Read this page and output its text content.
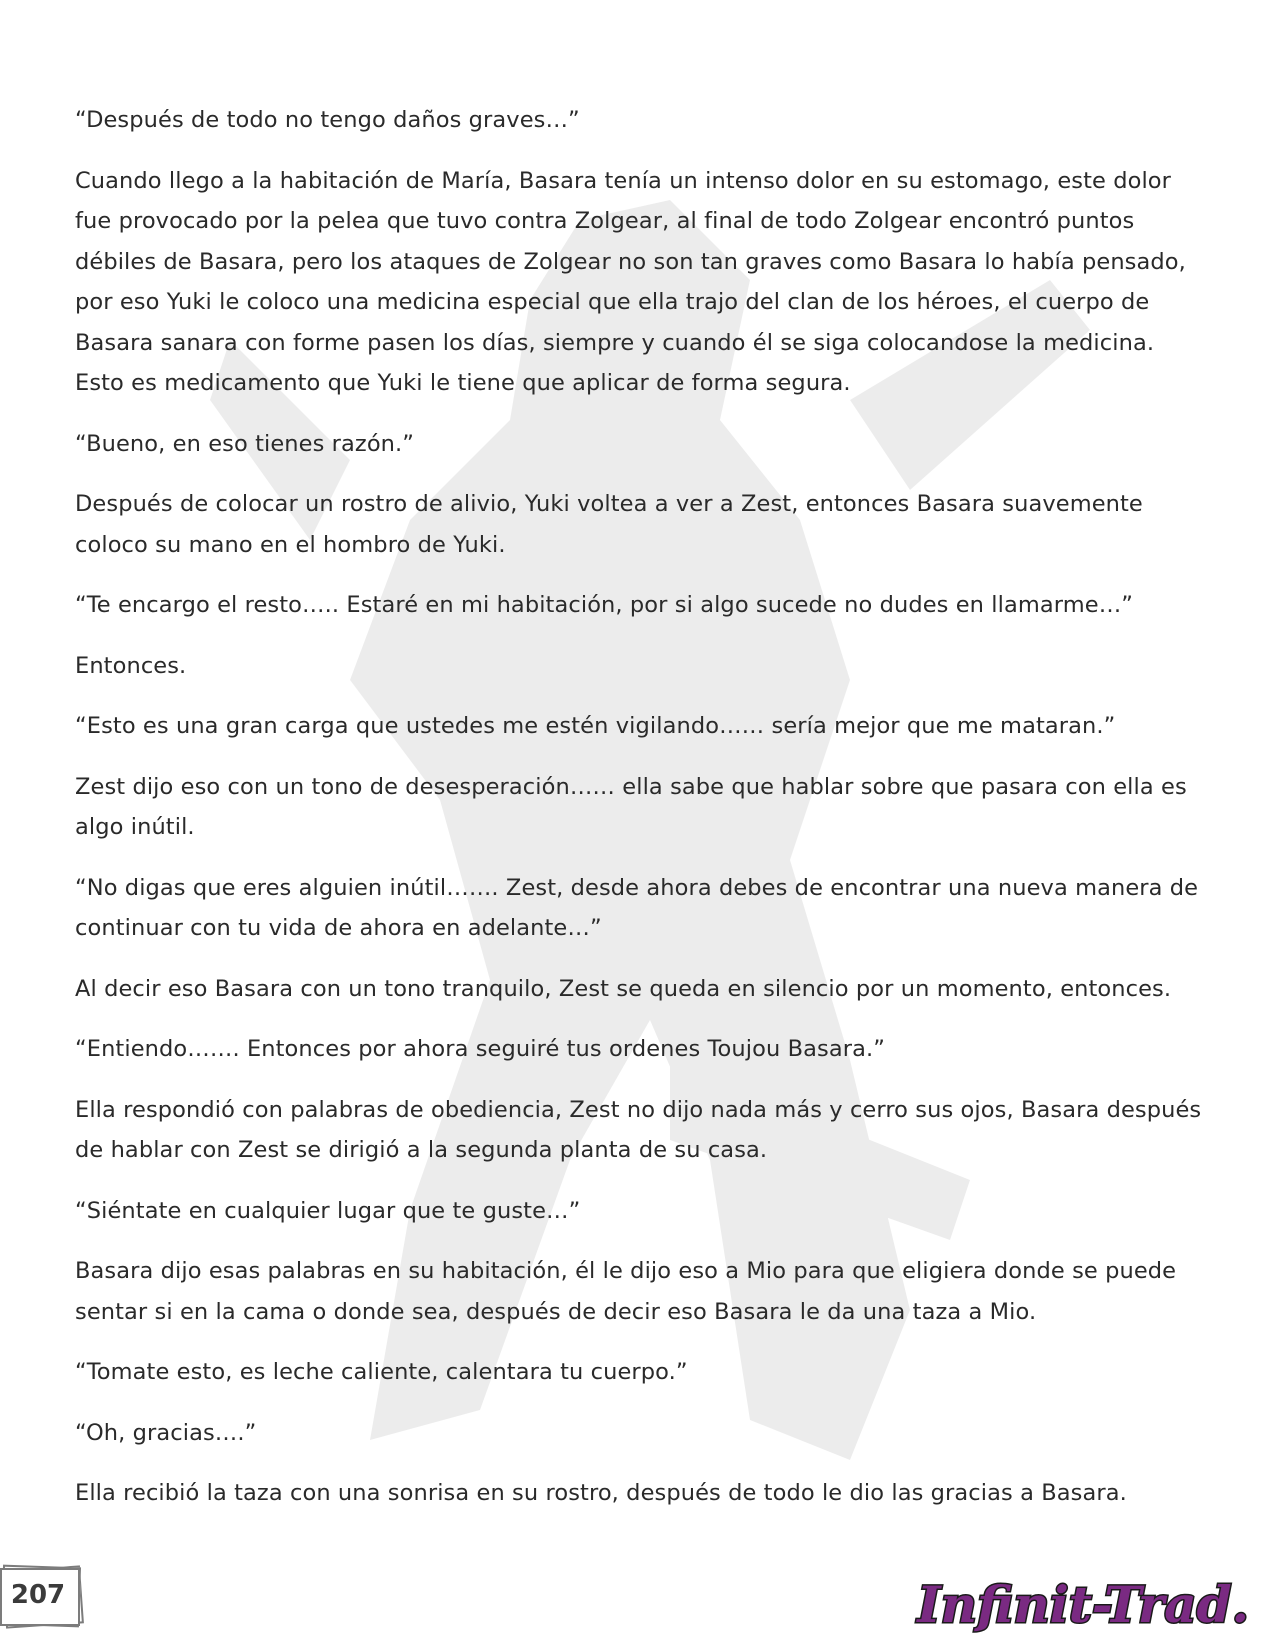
“Después de todo no tengo daños graves…”

Cuando llego a la habitación de María, Basara tenía un intenso dolor en su estomago, este dolor fue provocado por la pelea que tuvo contra Zolgear, al final de todo Zolgear encontró puntos débiles de Basara, pero los ataques de Zolgear no son tan graves como Basara lo había pensado, por eso Yuki le coloco una medicina especial que ella trajo del clan de los héroes, el cuerpo de Basara sanara con forme pasen los días, siempre y cuando él se siga colocandose la medicina. Esto es medicamento que Yuki le tiene que aplicar de forma segura.

“Bueno, en eso tienes razón.”

Después de colocar un rostro de alivio, Yuki voltea a ver a Zest, entonces Basara suavemente coloco su mano en el hombro de Yuki.

“Te encargo el resto….. Estaré en mi habitación, por si algo sucede no dudes en llamarme…”

Entonces.

“Esto es una gran carga que ustedes me estén vigilando…… sería mejor que me mataran.”

Zest dijo eso con un tono de desesperación…… ella sabe que hablar sobre que pasara con ella es algo inútil.

“No digas que eres alguien inútil……. Zest, desde ahora debes de encontrar una nueva manera de continuar con tu vida de ahora en adelante…”

Al decir eso Basara con un tono tranquilo, Zest se queda en silencio por un momento, entonces.

“Entiendo……. Entonces por ahora seguiré tus ordenes Toujou Basara.”

Ella respondió con palabras de obediencia, Zest no dijo nada más y cerro sus ojos, Basara después de hablar con Zest se dirigió a la segunda planta de su casa.

“Siéntate en cualquier lugar que te guste…”

Basara dijo esas palabras en su habitación, él le dijo eso a Mio para que eligiera donde se puede sentar si en la cama o donde sea, después de decir eso Basara le da una taza a Mio.

“Tomate esto, es leche caliente, calentara tu cuerpo.”

“Oh, gracias….”

Ella recibió la taza con una sonrisa en su rostro, después de todo le dio las gracias a Basara.

207	Infinit-Trad.
